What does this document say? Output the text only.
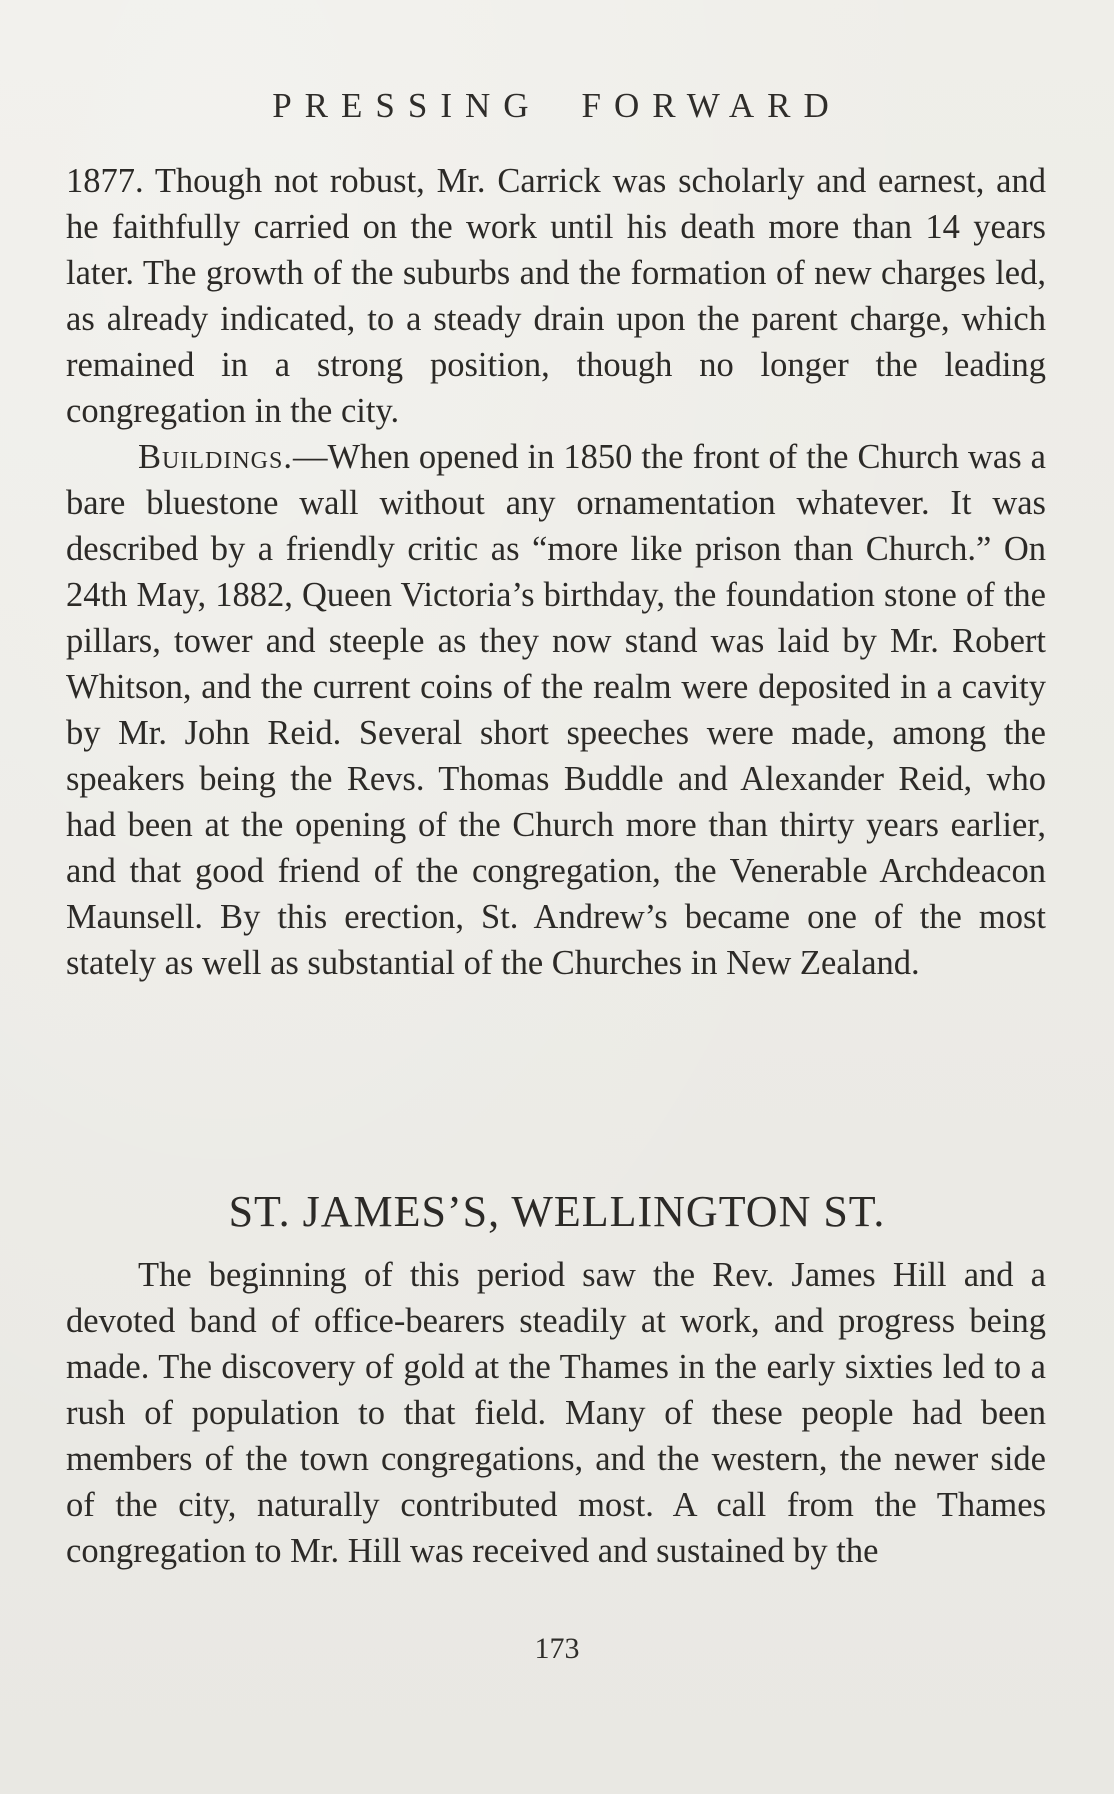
PRESSING FORWARD

1877. Though not robust, Mr. Carrick was scholarly and earnest, and he faithfully carried on the work until his death more than 14 years later. The growth of the suburbs and the formation of new charges led, as already indicated, to a steady drain upon the parent charge, which remained in a strong position, though no longer the leading congregation in the city.

Buildings.—When opened in 1850 the front of the Church was a bare bluestone wall without any ornamentation whatever. It was described by a friendly critic as “more like prison than Church.” On 24th May, 1882, Queen Victoria’s birthday, the foundation stone of the pillars, tower and steeple as they now stand was laid by Mr. Robert Whitson, and the current coins of the realm were deposited in a cavity by Mr. John Reid. Several short speeches were made, among the speakers being the Revs. Thomas Buddle and Alexander Reid, who had been at the opening of the Church more than thirty years earlier, and that good friend of the congregation, the Venerable Archdeacon Maunsell. By this erection, St. Andrew’s became one of the most stately as well as substantial of the Churches in New Zealand.

ST. JAMES’S, WELLINGTON ST.

The beginning of this period saw the Rev. James Hill and a devoted band of office-bearers steadily at work, and progress being made. The discovery of gold at the Thames in the early sixties led to a rush of population to that field. Many of these people had been members of the town congregations, and the western, the newer side of the city, naturally contributed most. A call from the Thames congregation to Mr. Hill was received and sustained by the

173
